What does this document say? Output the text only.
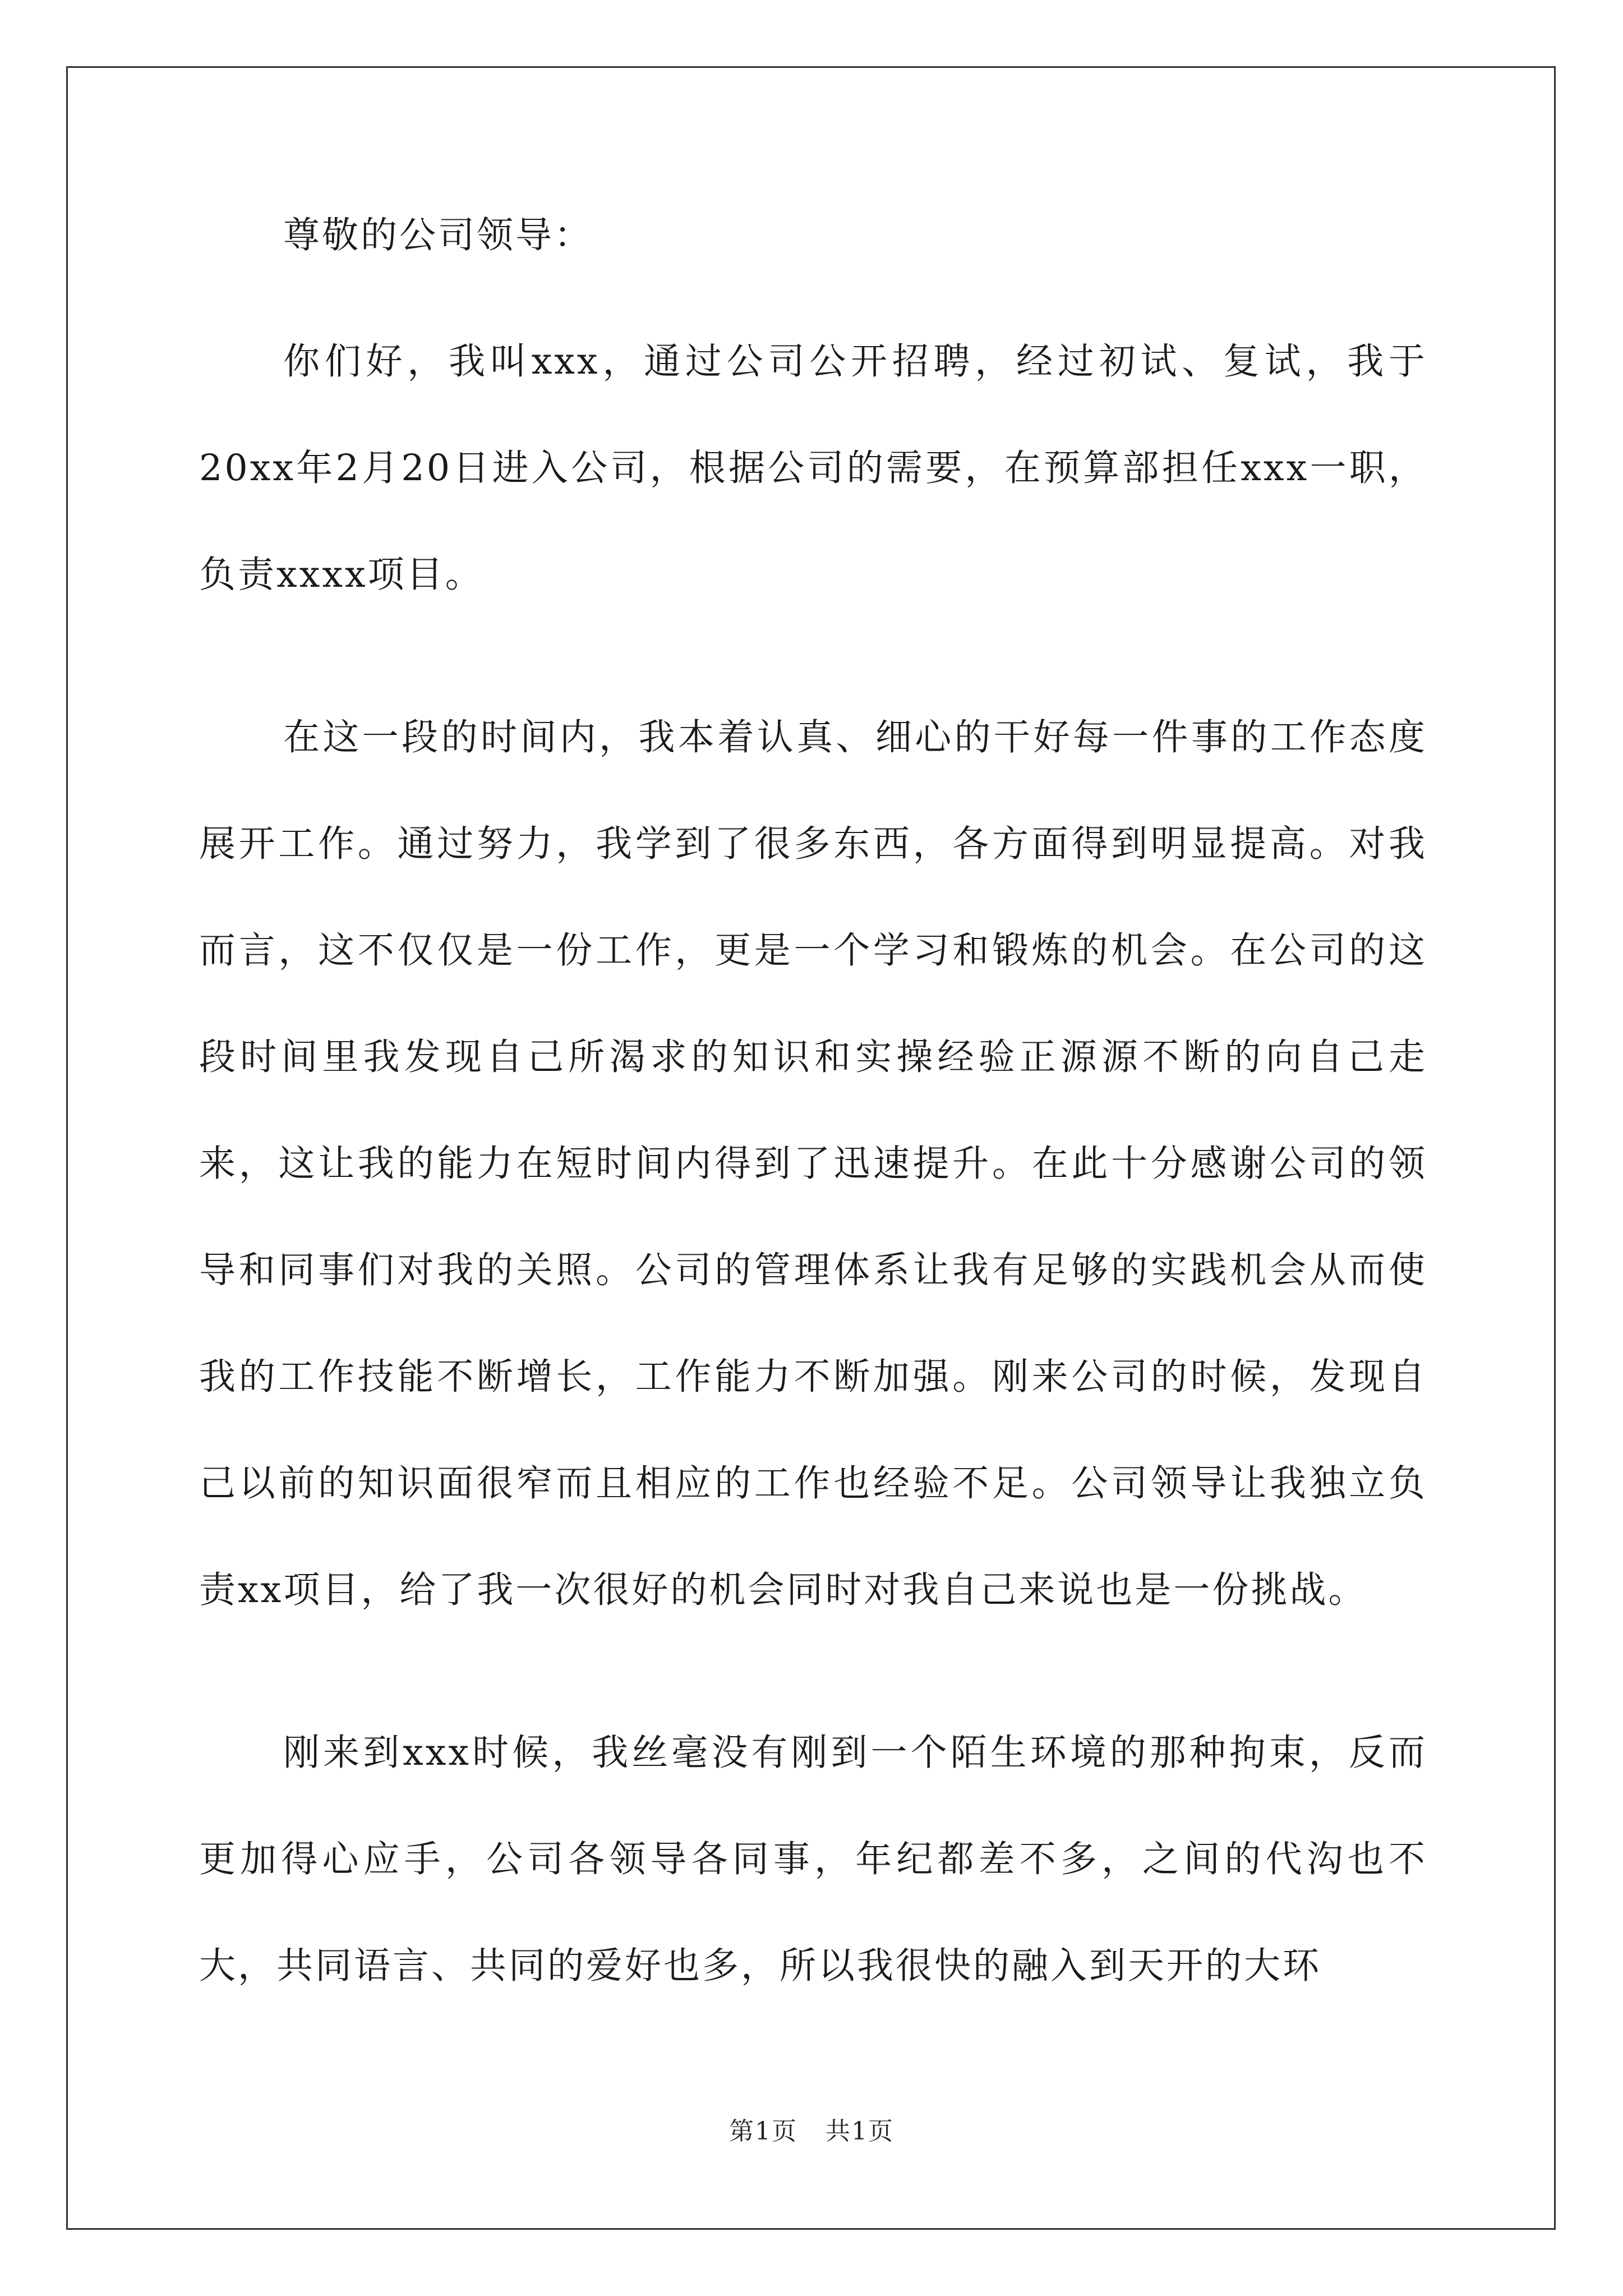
尊敬的公司领导：

你们好，我叫xxx，通过公司公开招聘，经过初试、复试，我于20xx年2月20日进入公司，根据公司的需要，在预算部担任xxx一职，负责xxxx项目。

在这一段的时间内，我本着认真、细心的干好每一件事的工作态度展开工作。通过努力，我学到了很多东西，各方面得到明显提高。对我而言，这不仅仅是一份工作，更是一个学习和锻炼的机会。在公司的这段时间里我发现自己所渴求的知识和实操经验正源源不断的向自己走来，这让我的能力在短时间内得到了迅速提升。在此十分感谢公司的领导和同事们对我的关照。公司的管理体系让我有足够的实践机会从而使我的工作技能不断增长，工作能力不断加强。刚来公司的时候，发现自己以前的知识面很窄而且相应的工作也经验不足。公司领导让我独立负责xx项目，给了我一次很好的机会同时对我自己来说也是一份挑战。

刚来到xxx时候，我丝毫没有刚到一个陌生环境的那种拘束，反而更加得心应手，公司各领导各同事，年纪都差不多，之间的代沟也不大，共同语言、共同的爱好也多，所以我很快的融入到天开的大环

第1页 共1页
